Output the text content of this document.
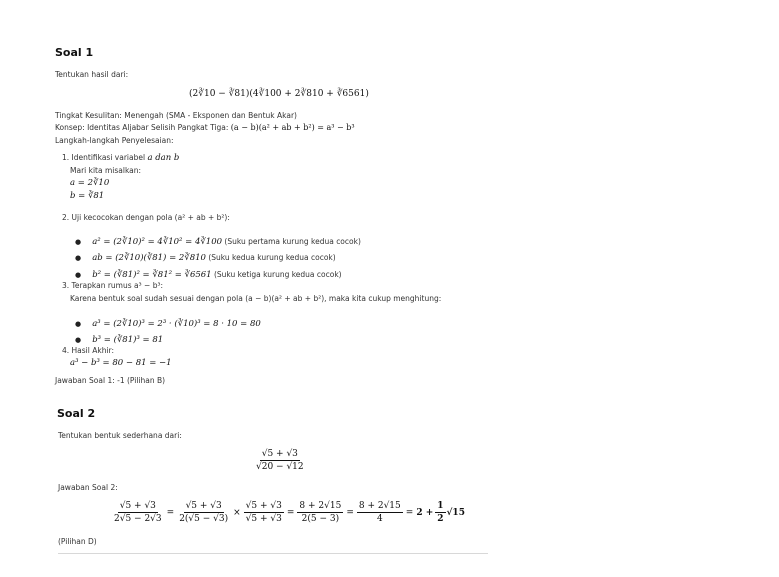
Soal 1
Tentukan hasil dari:
(2∛10 − ∛81)(4∛100 + 2∛810 + ∛6561)
Tingkat Kesulitan: Menengah (SMA - Eksponen dan Bentuk Akar)
Konsep: Identitas Aljabar Selisih Pangkat Tiga: (a − b)(a² + ab + b²) = a³ − b³
Langkah-langkah Penyelesaian:
1. Identifikasi variabel a dan b
Mari kita misalkan:
a = 2∛10
b = ∛81
2. Uji kecocokan dengan pola (a² + ab + b²):
● a² = (2∛10)² = 4∛10² = 4∛100 (Suku pertama kurung kedua cocok)
● ab = (2∛10)(∛81) = 2∛810 (Suku kedua kurung kedua cocok)
● b² = (∛81)² = ∛81² = ∛6561 (Suku ketiga kurung kedua cocok)
3. Terapkan rumus a³ − b³:
Karena bentuk soal sudah sesuai dengan pola (a − b)(a² + ab + b²), maka kita cukup menghitung:
● a³ = (2∛10)³ = 2³ · (∛10)³ = 8 · 10 = 80
● b³ = (∛81)³ = 81
4. Hasil Akhir:
a³ − b³ = 80 − 81 = −1
Jawaban Soal 1: -1 (Pilihan B)
Soal 2
Tentukan bentuk sederhana dari:
$\frac{√5 + √3}{√20 - √12}$
Jawaban Soal 2:
$\frac{√5 + √3}{2√5 - 2√3} = \frac{√5 + √3}{2(√5 - √3)} \times \frac{√5 + √3}{√5 + √3} = \frac{8 + 2√15}{2(5 - 3)} = \frac{8 + 2√15}{4} = 2 + \frac{1}{2} √15$
(Pilihan D)
